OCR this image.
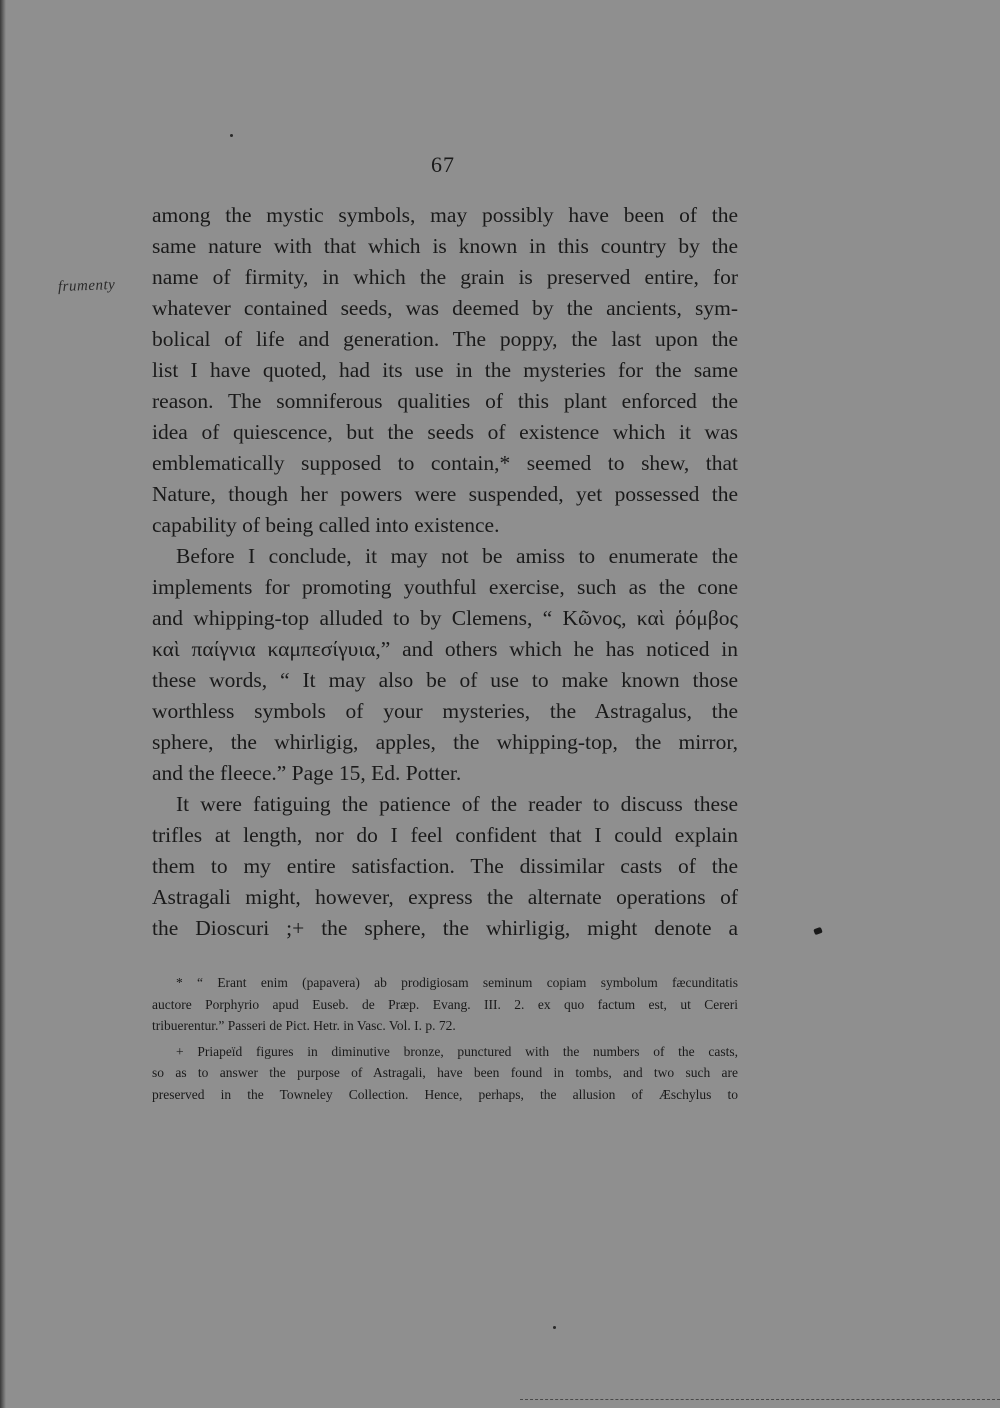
67
frumenty

among the mystic symbols, may possibly have been of the
same nature with that which is known in this country by the
name of firmity, in which the grain is preserved entire, for
whatever contained seeds, was deemed by the ancients, sym-
bolical of life and generation. The poppy, the last upon the
list I have quoted, had its use in the mysteries for the same
reason. The somniferous qualities of this plant enforced the
idea of quiescence, but the seeds of existence which it was
emblematically supposed to contain,* seemed to shew, that
Nature, though her powers were suspended, yet possessed the
capability of being called into existence.

Before I conclude, it may not be amiss to enumerate the
implements for promoting youthful exercise, such as the cone
and whipping-top alluded to by Clemens, “ Κῶνος, καὶ ῥόμβος
καὶ παίγνια καμπεσίγυια,” and others which he has noticed in
these words, “ It may also be of use to make known those
worthless symbols of your mysteries, the Astragalus, the
sphere, the whirligig, apples, the whipping-top, the mirror,
and the fleece.” Page 15, Ed. Potter.

It were fatiguing the patience of the reader to discuss these
trifles at length, nor do I feel confident that I could explain
them to my entire satisfaction. The dissimilar casts of the
Astragali might, however, express the alternate operations of
the Dioscuri ;+ the sphere, the whirligig, might denote a

* “ Erant enim (papavera) ab prodigiosam seminum copiam symbolum fæcunditatis
auctore Porphyrio apud Euseb. de Præp. Evang. III. 2. ex quo factum est, ut Cereri
tribuerentur.” Passeri de Pict. Hetr. in Vasc. Vol. I. p. 72.

+ Priapeïd figures in diminutive bronze, punctured with the numbers of the casts,
so as to answer the purpose of Astragali, have been found in tombs, and two such are
preserved in the Towneley Collection. Hence, perhaps, the allusion of Æschylus to
